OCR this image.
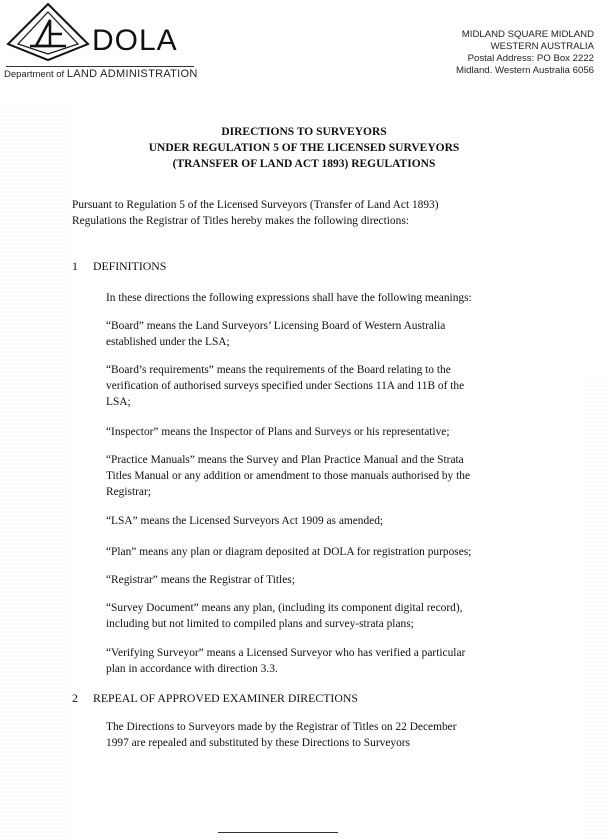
DOLA
Department of LAND ADMINISTRATION
MIDLAND SQUARE MIDLAND
WESTERN AUSTRALIA
Postal Address: PO Box 2222
Midland. Western Australia 6056
DIRECTIONS TO SURVEYORS
UNDER REGULATION 5 OF THE LICENSED SURVEYORS
(TRANSFER OF LAND ACT 1893) REGULATIONS
Pursuant to Regulation 5 of the Licensed Surveyors (Transfer of Land Act 1893) Regulations the Registrar of Titles hereby makes the following directions:
1 DEFINITIONS
In these directions the following expressions shall have the following meanings:
“Board” means the Land Surveyors’ Licensing Board of Western Australia
established under the LSA;
“Board’s requirements” means the requirements of the Board relating to the
verification of authorised surveys specified under Sections 11A and 11B of the
LSA;
“Inspector” means the Inspector of Plans and Surveys or his representative;
“Practice Manuals” means the Survey and Plan Practice Manual and the Strata
Titles Manual or any addition or amendment to those manuals authorised by the
Registrar;
“LSA” means the Licensed Surveyors Act 1909 as amended;
“Plan” means any plan or diagram deposited at DOLA for registration purposes;
“Registrar” means the Registrar of Titles;
“Survey Document” means any plan, (including its component digital record),
including but not limited to compiled plans and survey-strata plans;
“Verifying Surveyor” means a Licensed Surveyor who has verified a particular
plan in accordance with direction 3.3.
2 REPEAL OF APPROVED EXAMINER DIRECTIONS
The Directions to Surveyors made by the Registrar of Titles on 22 December
1997 are repealed and substituted by these Directions to Surveyors
